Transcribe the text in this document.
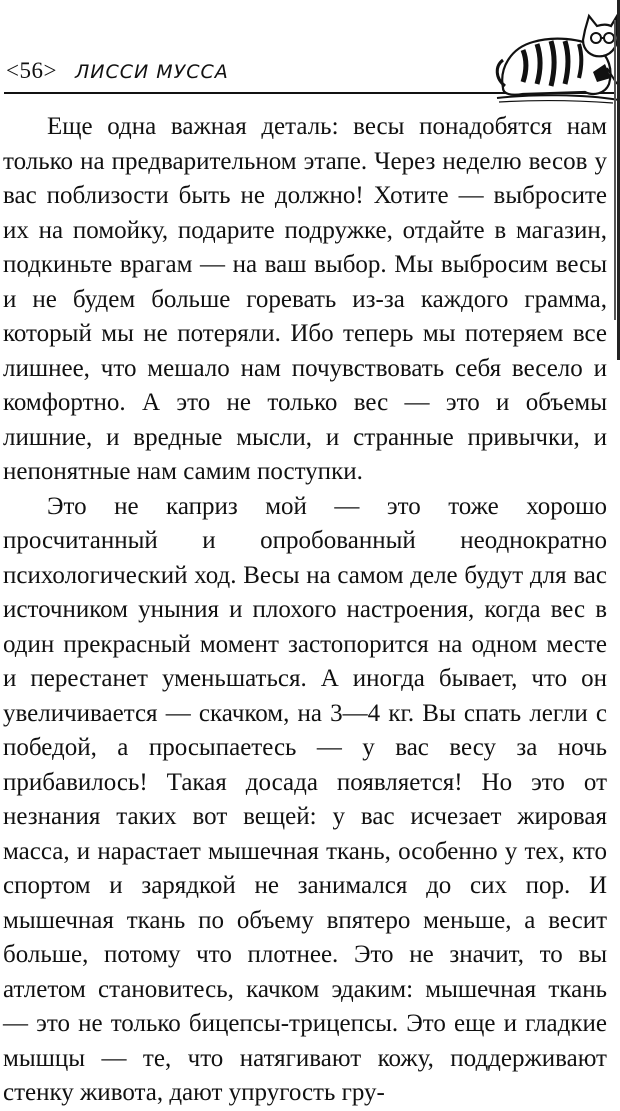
<56> ЛИССИ МУССА

Еще одна важная деталь: весы понадобятся нам только на предварительном этапе. Через неделю весов у вас поблизости быть не должно! Хотите — выбросите их на помойку, подарите подружке, отдайте в магазин, подкиньте врагам — на ваш выбор. Мы выбросим весы и не будем больше горевать из-за каждого грамма, который мы не потеряли. Ибо теперь мы потеряем все лишнее, что мешало нам почувствовать себя весело и комфортно. А это не только вес — это и объемы лишние, и вредные мысли, и странные привычки, и непонятные нам самим поступки.

Это не каприз мой — это тоже хорошо просчитанный и опробованный неоднократно психологический ход. Весы на самом деле будут для вас источником уныния и плохого настроения, когда вес в один прекрасный момент застопорится на одном месте и перестанет уменьшаться. А иногда бывает, что он увеличивается — скачком, на 3—4 кг. Вы спать легли с победой, а просыпаетесь — у вас весу за ночь прибавилось! Такая досада появляется! Но это от незнания таких вот вещей: у вас исчезает жировая масса, и нарастает мышечная ткань, особенно у тех, кто спортом и зарядкой не занимался до сих пор. И мышечная ткань по объему впятеро меньше, а весит больше, потому что плотнее. Это не значит, то вы атлетом становитесь, качком эдаким: мышечная ткань — это не только бицепсы-трицепсы. Это еще и гладкие мышцы — те, что натягивают кожу, поддерживают стенку живота, дают упругость гру-
